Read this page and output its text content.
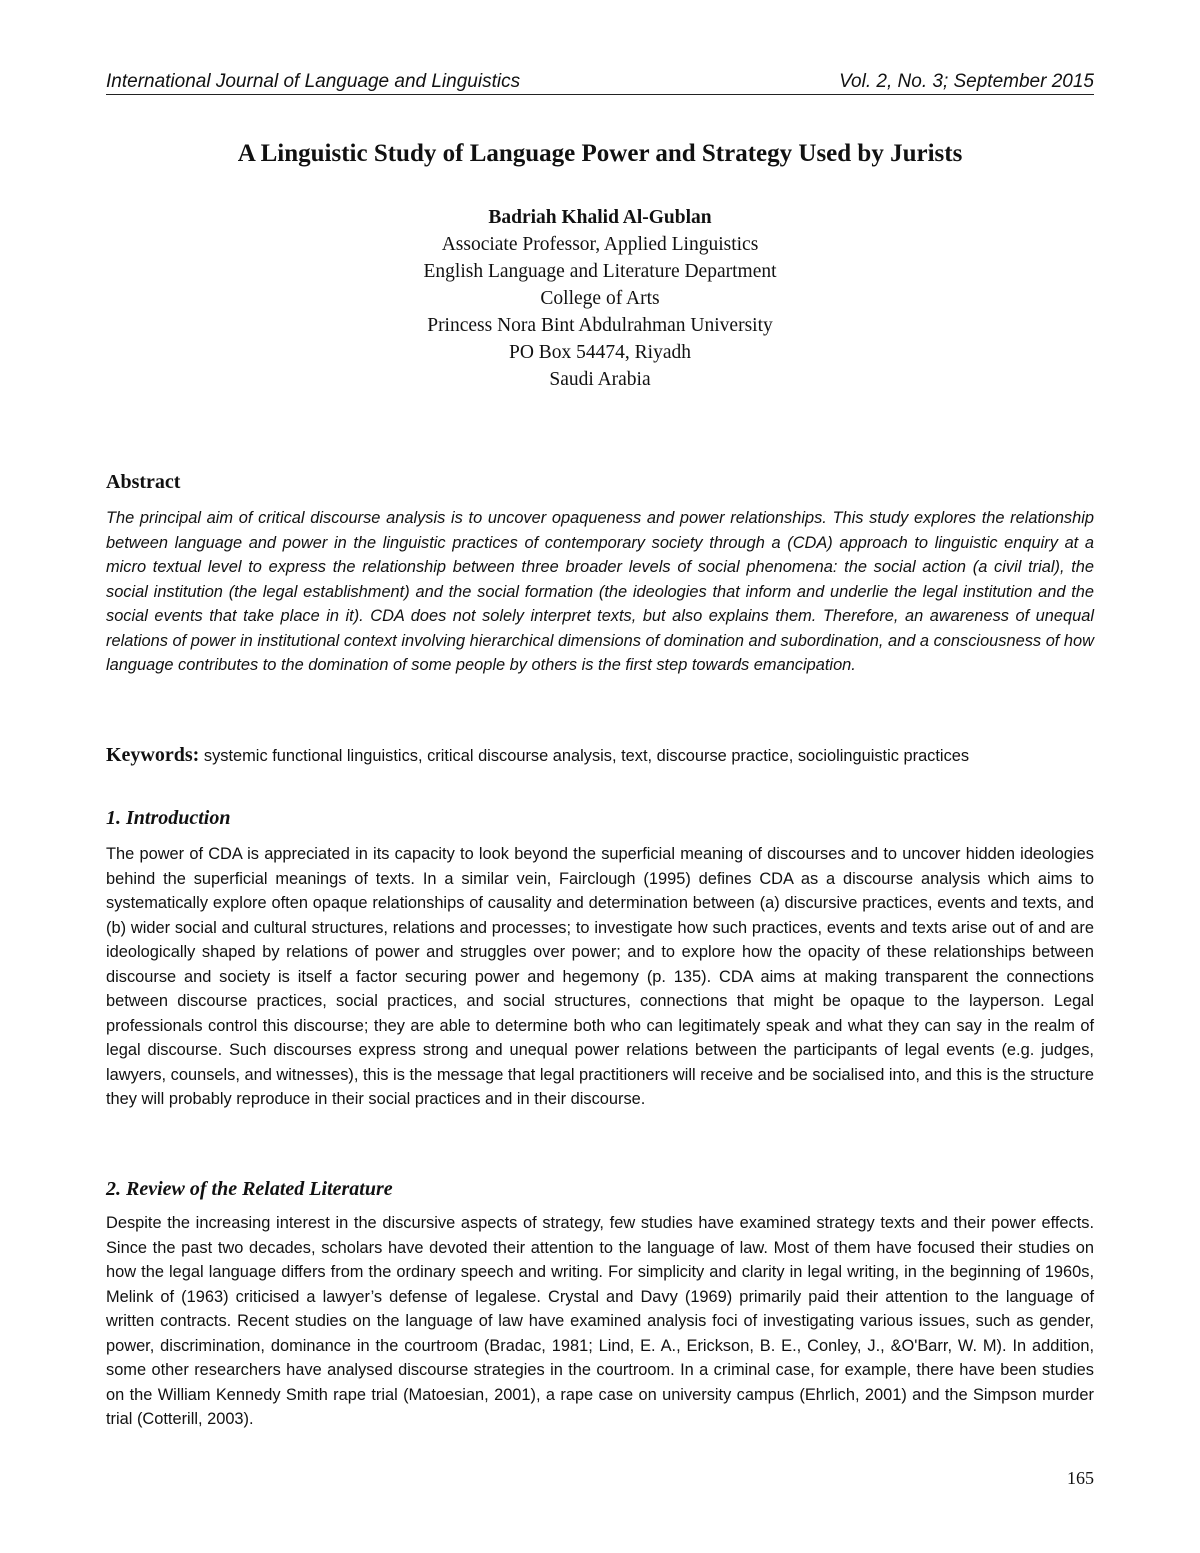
International Journal of Language and Linguistics	Vol. 2, No. 3; September 2015
A Linguistic Study of Language Power and Strategy Used by Jurists
Badriah Khalid Al-Gublan
Associate Professor, Applied Linguistics
English Language and Literature Department
College of Arts
Princess Nora Bint Abdulrahman University
PO Box 54474, Riyadh
Saudi Arabia
Abstract
The principal aim of critical discourse analysis is to uncover opaqueness and power relationships. This study explores the relationship between language and power in the linguistic practices of contemporary society through a (CDA) approach to linguistic enquiry at a micro textual level to express the relationship between three broader levels of social phenomena: the social action (a civil trial), the social institution (the legal establishment) and the social formation (the ideologies that inform and underlie the legal institution and the social events that take place in it). CDA does not solely interpret texts, but also explains them. Therefore, an awareness of unequal relations of power in institutional context involving hierarchical dimensions of domination and subordination, and a consciousness of how language contributes to the domination of some people by others is the first step towards emancipation.
Keywords: systemic functional linguistics, critical discourse analysis, text, discourse practice, sociolinguistic practices
1. Introduction
The power of CDA is appreciated in its capacity to look beyond the superficial meaning of discourses and to uncover hidden ideologies behind the superficial meanings of texts. In a similar vein, Fairclough (1995) defines CDA as a discourse analysis which aims to systematically explore often opaque relationships of causality and determination between (a) discursive practices, events and texts, and (b) wider social and cultural structures, relations and processes; to investigate how such practices, events and texts arise out of and are ideologically shaped by relations of power and struggles over power; and to explore how the opacity of these relationships between discourse and society is itself a factor securing power and hegemony (p. 135). CDA aims at making transparent the connections between discourse practices, social practices, and social structures, connections that might be opaque to the layperson. Legal professionals control this discourse; they are able to determine both who can legitimately speak and what they can say in the realm of legal discourse. Such discourses express strong and unequal power relations between the participants of legal events (e.g. judges, lawyers, counsels, and witnesses), this is the message that legal practitioners will receive and be socialised into, and this is the structure they will probably reproduce in their social practices and in their discourse.
2. Review of the Related Literature
Despite the increasing interest in the discursive aspects of strategy, few studies have examined strategy texts and their power effects. Since the past two decades, scholars have devoted their attention to the language of law. Most of them have focused their studies on how the legal language differs from the ordinary speech and writing. For simplicity and clarity in legal writing, in the beginning of 1960s, Melink of (1963) criticised a lawyer’s defense of legalese. Crystal and Davy (1969) primarily paid their attention to the language of written contracts. Recent studies on the language of law have examined analysis foci of investigating various issues, such as gender, power, discrimination, dominance in the courtroom (Bradac, 1981; Lind, E. A., Erickson, B. E., Conley, J., &O'Barr, W. M). In addition, some other researchers have analysed discourse strategies in the courtroom. In a criminal case, for example, there have been studies on the William Kennedy Smith rape trial (Matoesian, 2001), a rape case on university campus (Ehrlich, 2001) and the Simpson murder trial (Cotterill, 2003).
165
